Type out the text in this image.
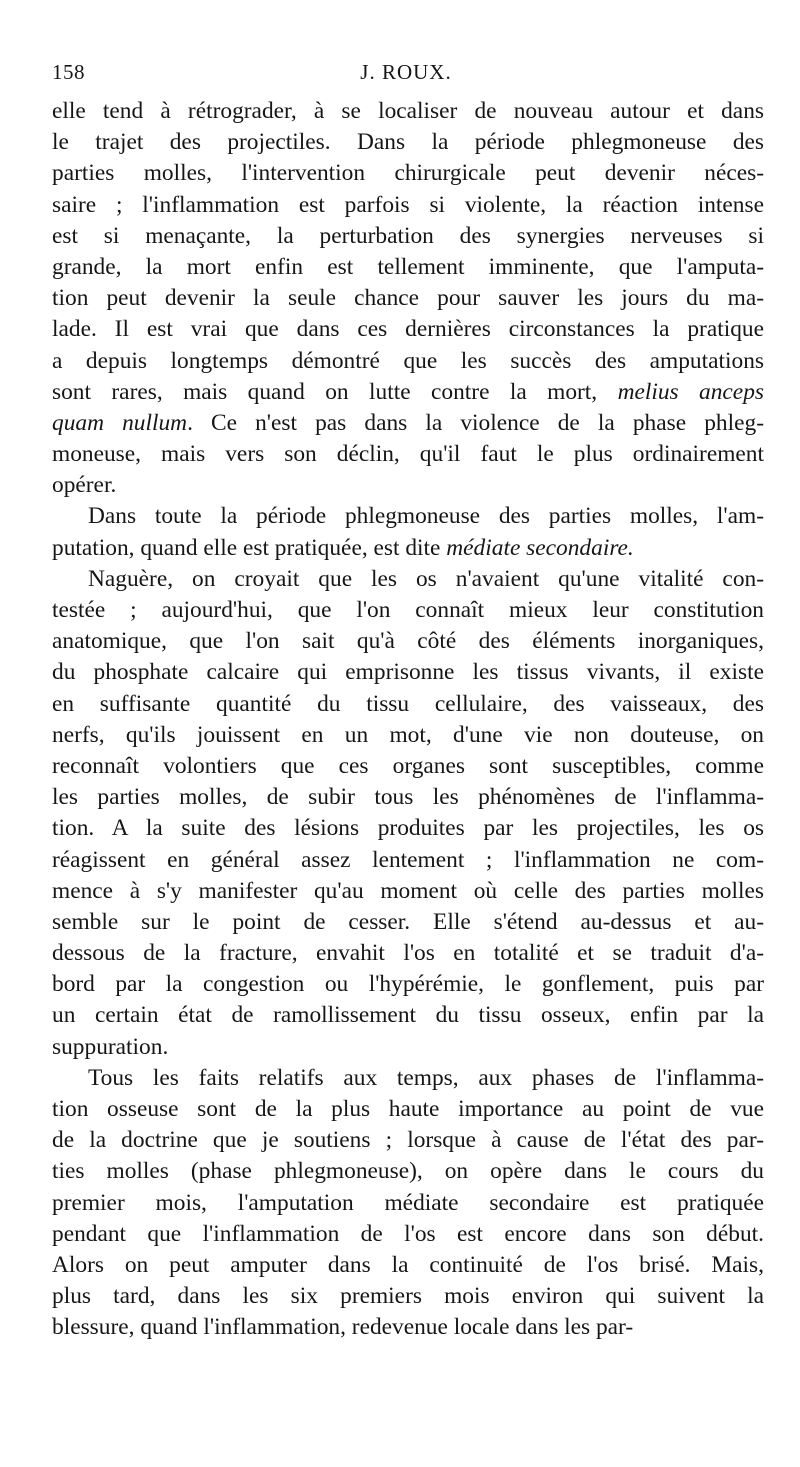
158	J. ROUX.
elle tend à rétrograder, à se localiser de nouveau autour et dans
le trajet des projectiles. Dans la période phlegmoneuse des
parties molles, l'intervention chirurgicale peut devenir néces-
saire ; l'inflammation est parfois si violente, la réaction intense
est si menaçante, la perturbation des synergies nerveuses si
grande, la mort enfin est tellement imminente, que l'amputa-
tion peut devenir la seule chance pour sauver les jours du ma-
lade. Il est vrai que dans ces dernières circonstances la pratique
a depuis longtemps démontré que les succès des amputations
sont rares, mais quand on lutte contre la mort, melius anceps
quam nullum. Ce n'est pas dans la violence de la phase phleg-
moneuse, mais vers son déclin, qu'il faut le plus ordinairement
opérer.
Dans toute la période phlegmoneuse des parties molles, l'am-
putation, quand elle est pratiquée, est dite médiate secondaire.
Naguère, on croyait que les os n'avaient qu'une vitalité con-
testée ; aujourd'hui, que l'on connaît mieux leur constitution
anatomique, que l'on sait qu'à côté des éléments inorganiques,
du phosphate calcaire qui emprisonne les tissus vivants, il existe
en suffisante quantité du tissu cellulaire, des vaisseaux, des
nerfs, qu'ils jouissent en un mot, d'une vie non douteuse, on
reconnaît volontiers que ces organes sont susceptibles, comme
les parties molles, de subir tous les phénomènes de l'inflamma-
tion. A la suite des lésions produites par les projectiles, les os
réagissent en général assez lentement ; l'inflammation ne com-
mence à s'y manifester qu'au moment où celle des parties molles
semble sur le point de cesser. Elle s'étend au-dessus et au-
dessous de la fracture, envahit l'os en totalité et se traduit d'a-
bord par la congestion ou l'hypérémie, le gonflement, puis par
un certain état de ramollissement du tissu osseux, enfin par la
suppuration.
Tous les faits relatifs aux temps, aux phases de l'inflamma-
tion osseuse sont de la plus haute importance au point de vue
de la doctrine que je soutiens ; lorsque à cause de l'état des par-
ties molles (phase phlegmoneuse), on opère dans le cours du
premier mois, l'amputation médiate secondaire est pratiquée
pendant que l'inflammation de l'os est encore dans son début.
Alors on peut amputer dans la continuité de l'os brisé. Mais,
plus tard, dans les six premiers mois environ qui suivent la
blessure, quand l'inflammation, redevenue locale dans les par-
